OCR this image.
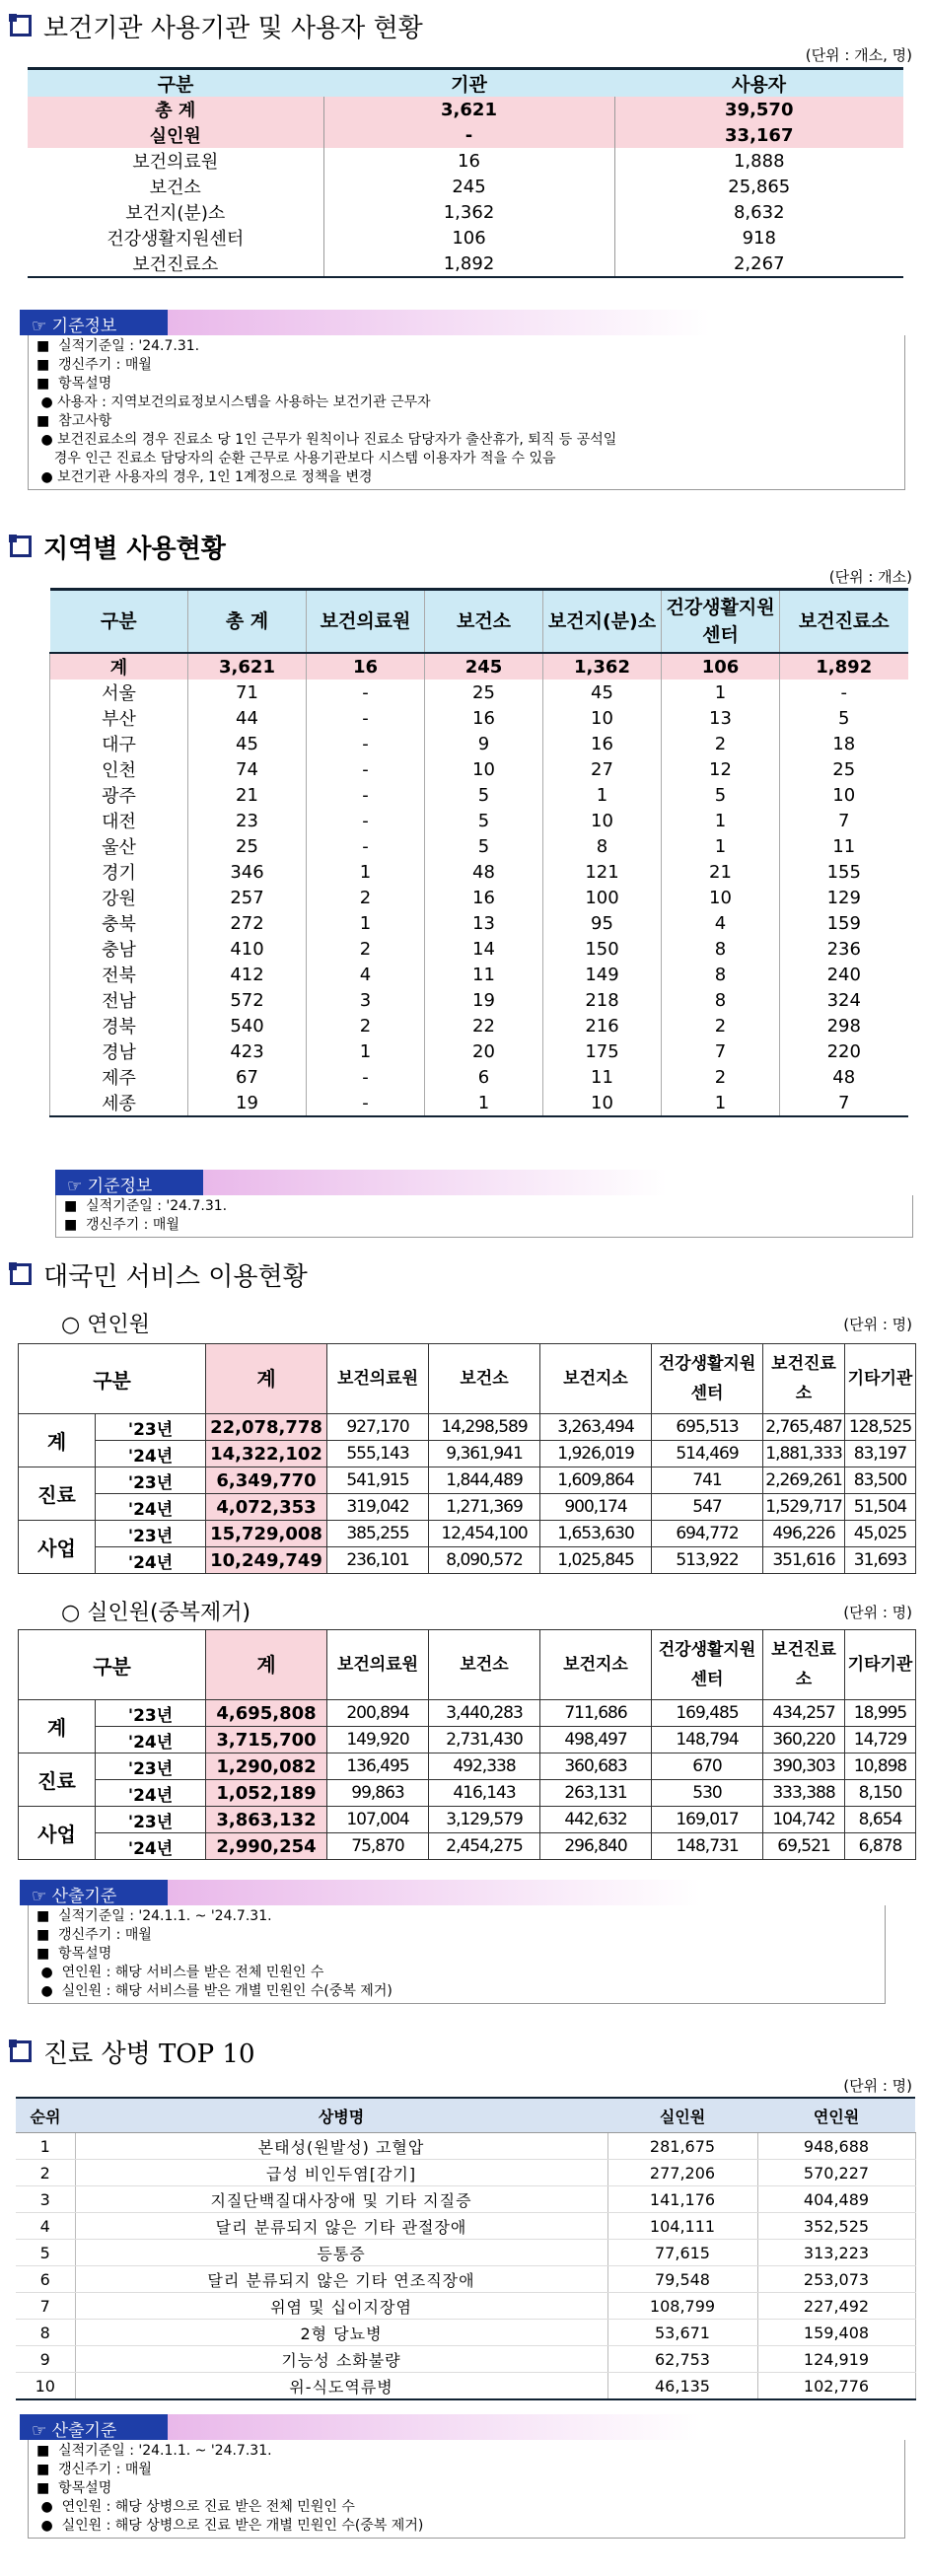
보건기관 사용기관 및 사용자 현황
(단위 : 개소, 명)
구분	기관	사용자
총 계	3,621	39,570
실인원	-	33,167
보건의료원	16	1,888
보건소	245	25,865
보건지(분)소	1,362	8,632
건강생활지원센터	106	918
보건진료소	1,892	2,267
☞ 기준정보
■  실적기준일 : '24.7.31.
■  갱신주기 : 매월
■  항목설명
● 사용자 : 지역보건의료정보시스템을 사용하는 보건기관 근무자
■  참고사항
● 보건진료소의 경우 진료소 당 1인 근무가 원칙이나 진료소 담당자가 출산휴가, 퇴직 등 공석일
경우 인근 진료소 담당자의 순환 근무로 사용기관보다 시스템 이용자가 적을 수 있음
● 보건기관 사용자의 경우, 1인 1계정으로 정책을 변경
지역별 사용현황
(단위 : 개소)
구분	총 계	보건의료원	보건소	보건지(분)소	건강생활지원센터	보건진료소
계	3,621	16	245	1,362	106	1,892
서울	71	-	25	45	1	-
부산	44	-	16	10	13	5
대구	45	-	9	16	2	18
인천	74	-	10	27	12	25
광주	21	-	5	1	5	10
대전	23	-	5	10	1	7
울산	25	-	5	8	1	11
경기	346	1	48	121	21	155
강원	257	2	16	100	10	129
충북	272	1	13	95	4	159
충남	410	2	14	150	8	236
전북	412	4	11	149	8	240
전남	572	3	19	218	8	324
경북	540	2	22	216	2	298
경남	423	1	20	175	7	220
제주	67	-	6	11	2	48
세종	19	-	1	10	1	7
☞ 기준정보
■  실적기준일 : '24.7.31.
■  갱신주기 : 매월
대국민 서비스 이용현황
○ 연인원	(단위 : 명)
구분		계	보건의료원	보건소	보건지소	건강생활지원센터	보건진료소	기타기관
계	'23년	22,078,778	927,170	14,298,589	3,263,494	695,513	2,765,487	128,525
	'24년	14,322,102	555,143	9,361,941	1,926,019	514,469	1,881,333	83,197
진료	'23년	6,349,770	541,915	1,844,489	1,609,864	741	2,269,261	83,500
	'24년	4,072,353	319,042	1,271,369	900,174	547	1,529,717	51,504
사업	'23년	15,729,008	385,255	12,454,100	1,653,630	694,772	496,226	45,025
	'24년	10,249,749	236,101	8,090,572	1,025,845	513,922	351,616	31,693
○ 실인원(중복제거)	(단위 : 명)
구분		계	보건의료원	보건소	보건지소	건강생활지원센터	보건진료소	기타기관
계	'23년	4,695,808	200,894	3,440,283	711,686	169,485	434,257	18,995
	'24년	3,715,700	149,920	2,731,430	498,497	148,794	360,220	14,729
진료	'23년	1,290,082	136,495	492,338	360,683	670	390,303	10,898
	'24년	1,052,189	99,863	416,143	263,131	530	333,388	8,150
사업	'23년	3,863,132	107,004	3,129,579	442,632	169,017	104,742	8,654
	'24년	2,990,254	75,870	2,454,275	296,840	148,731	69,521	6,878
☞ 산출기준
■  실적기준일 : '24.1.1. ~ '24.7.31.
■  갱신주기 : 매월
■  항목설명
●  연인원 : 해당 서비스를 받은 전체 민원인 수
●  실인원 : 해당 서비스를 받은 개별 민원인 수(중복 제거)
진료 상병 TOP 10
(단위 : 명)
순위	상병명	실인원	연인원
1	본태성(원발성) 고혈압	281,675	948,688
2	급성 비인두염[감기]	277,206	570,227
3	지질단백질대사장애 및 기타 지질증	141,176	404,489
4	달리 분류되지 않은 기타 관절장애	104,111	352,525
5	등통증	77,615	313,223
6	달리 분류되지 않은 기타 연조직장애	79,548	253,073
7	위염 및 십이지장염	108,799	227,492
8	2형 당뇨병	53,671	159,408
9	기능성 소화불량	62,753	124,919
10	위-식도역류병	46,135	102,776
☞ 산출기준
■  실적기준일 : '24.1.1. ~ '24.7.31.
■  갱신주기 : 매월
■  항목설명
●  연인원 : 해당 상병으로 진료 받은 전체 민원인 수
●  실인원 : 해당 상병으로 진료 받은 개별 민원인 수(중복 제거)
